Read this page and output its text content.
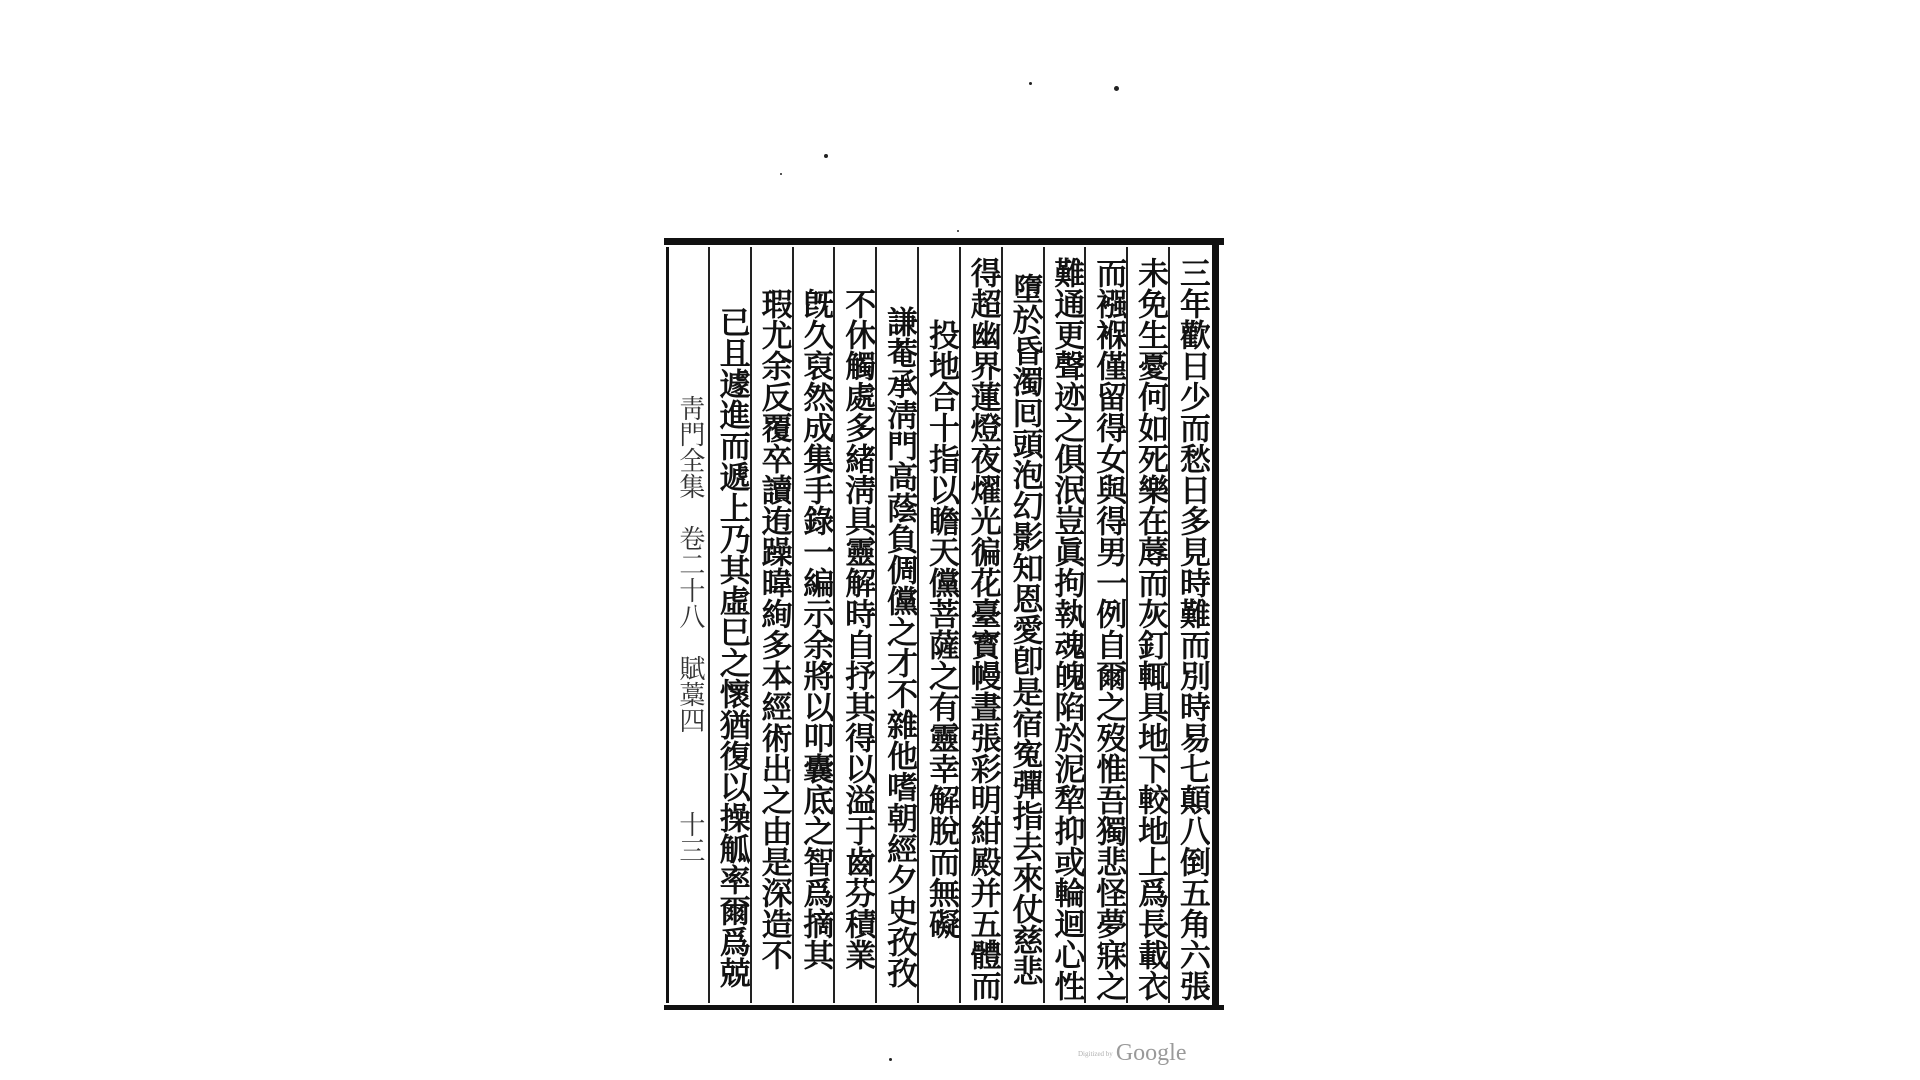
三年歡日少而愁日多見時難而別時易七顛八倒五角六張
未免生憂何如死樂在蓐而灰釘輒具地下較地上爲長載衣
而襁褓僅留得女與得男一例自爾之歿惟吾獨悲怪夢寐之
難通更聲迹之俱泯豈眞拘執魂魄陷於泥犂抑或輪迴心性
墮於昏濁囘頭泡幻影知恩愛卽是宿寃彈指去來仗慈悲
得超幽界蓮燈夜燿光徧花臺寳幔晝張彩明紺殿并五體而
投地合十指以瞻天儻菩薩之有靈幸解脫而無礙
謙菴承淸門高蔭負倜儻之才不雜他嗜朝經夕史孜孜
不休觸處多緒淸具靈解時自抒其得以溢于齒芬積業
旣久裒然成集手錄一編示余將以叩囊底之智爲摘其
瑕尤余反覆卒讀迶躁暐絢多本經術出之由是深造不
已且遽進而遞上乃其虛巳之懷猶復以操觚率爾爲兢
靑門全集　卷二十八　賦藁四　　　十三
Digitized by Google
